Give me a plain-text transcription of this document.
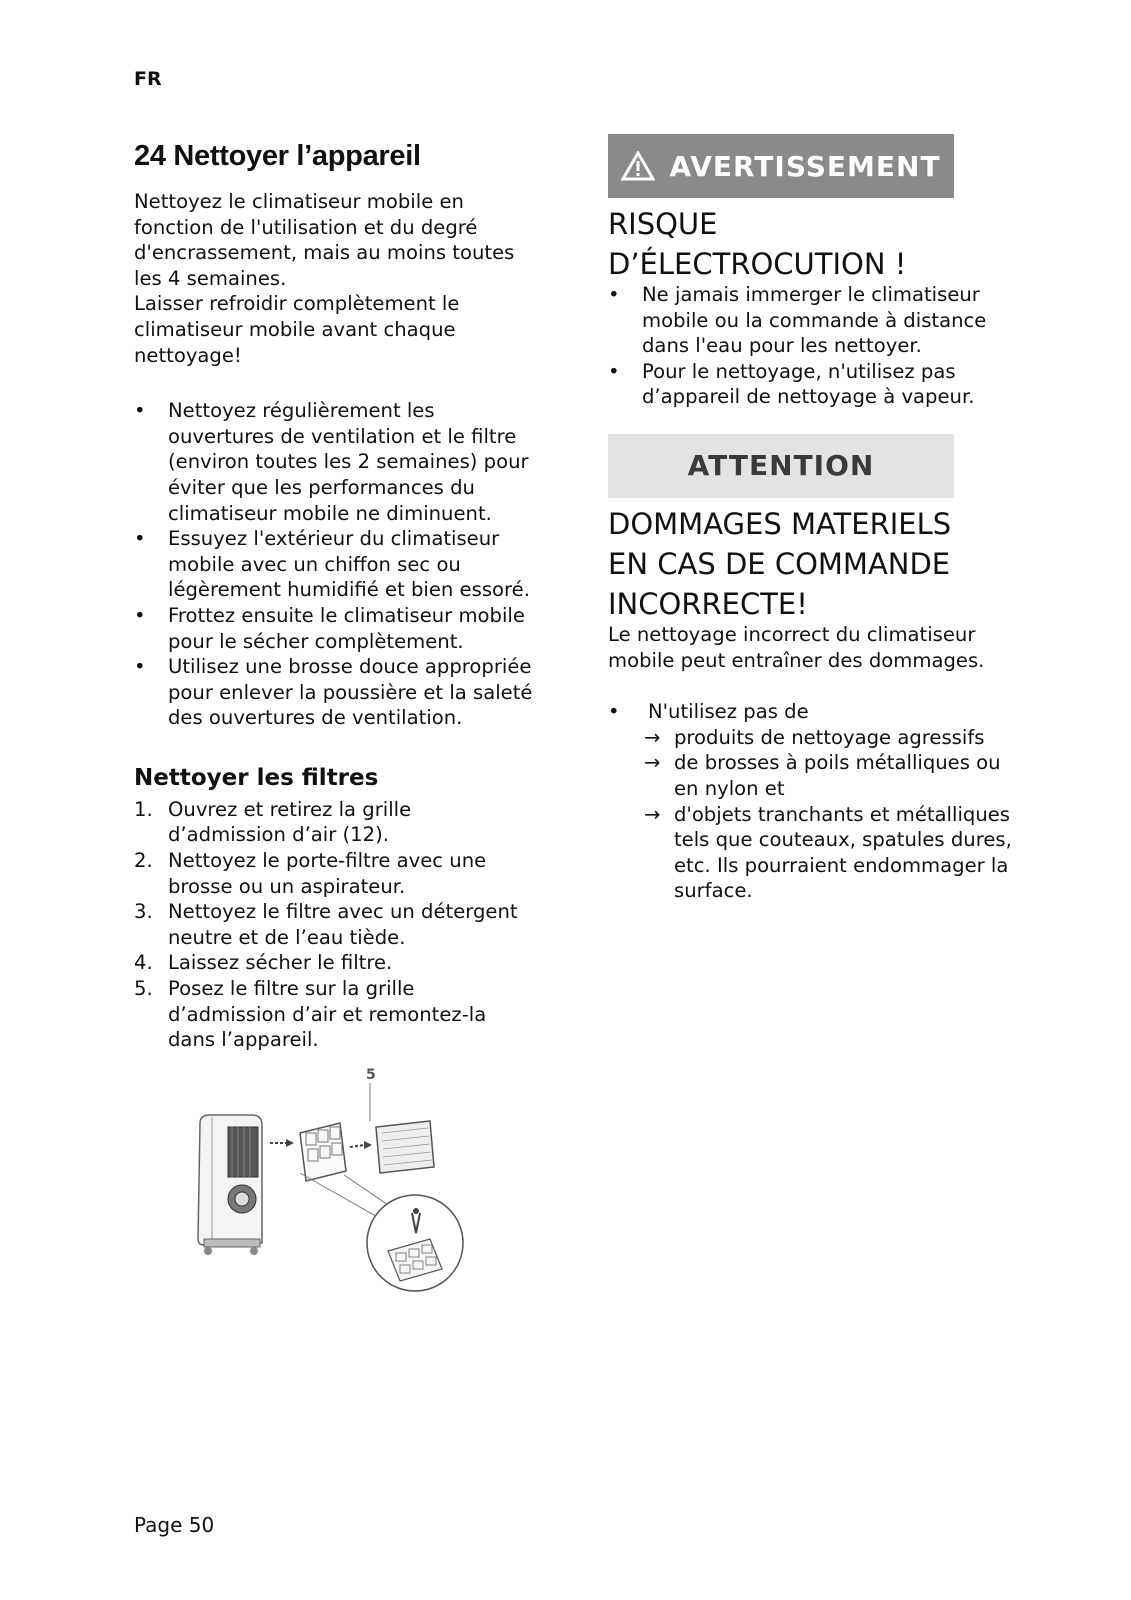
FR
24 Nettoyer l’appareil

Nettoyez le climatiseur mobile en fonction de l'utilisation et du degré d'encrassement, mais au moins toutes les 4 semaines.

Laisser refroidir complètement le climatiseur mobile avant chaque nettoyage!

• Nettoyez régulièrement les ouvertures de ventilation et le filtre (environ toutes les 2 semaines) pour éviter que les performances du climatiseur mobile ne diminuent.
• Essuyez l'extérieur du climatiseur mobile avec un chiffon sec ou légèrement humidifié et bien essoré.
• Frottez ensuite le climatiseur mobile pour le sécher complètement.
• Utilisez une brosse douce appropriée pour enlever la poussière et la saleté des ouvertures de ventilation.
Nettoyer les filtres
1. Ouvrez et retirez la grille d’admission d’air (12).
2. Nettoyez le porte-filtre avec une brosse ou un aspirateur.
3. Nettoyez le filtre avec un détergent neutre et de l’eau tiède.
4. Laissez sécher le filtre.
5. Posez le filtre sur la grille d’admission d’air et remontez-la dans l’appareil.
5
AVERTISSEMENT
RISQUE
D’ÉLECTROCUTION !
• Ne jamais immerger le climatiseur mobile ou la commande à distance dans l'eau pour les nettoyer.
• Pour le nettoyage, n'utilisez pas d’appareil de nettoyage à vapeur.
ATTENTION
DOMMAGES MATERIELS
EN CAS DE COMMANDE
INCORRECTE!

Le nettoyage incorrect du climatiseur mobile peut entraîner des dommages.

• N'utilisez pas de
→ produits de nettoyage agressifs
→ de brosses à poils métalliques ou en nylon et
→ d'objets tranchants et métalliques tels que couteaux, spatules dures, etc. Ils pourraient endommager la surface.
Page 50
